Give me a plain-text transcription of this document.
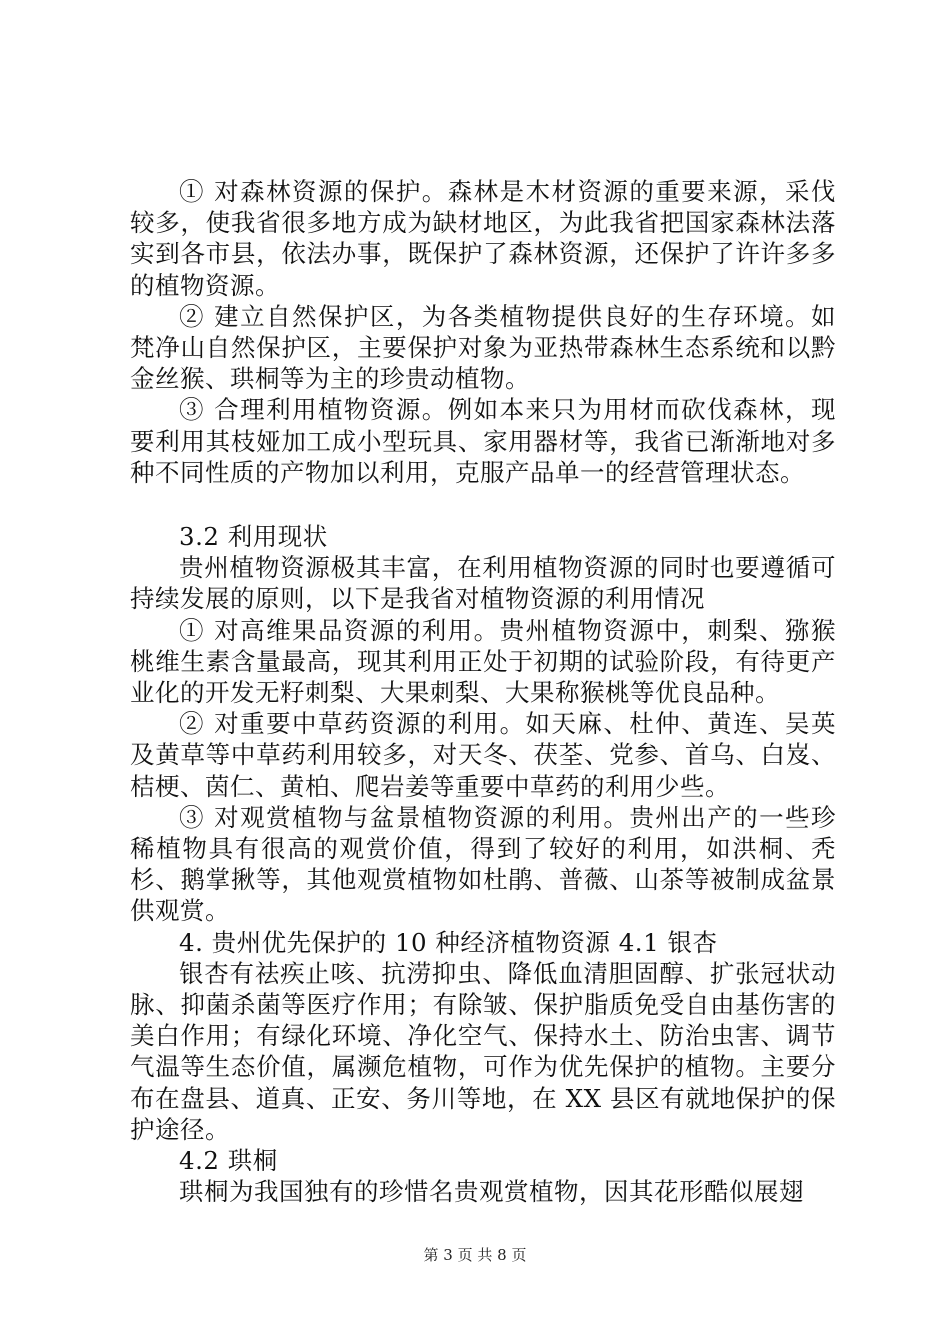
① 对森林资源的保护。森林是木材资源的重要来源，采伐较多，使我省很多地方成为缺材地区，为此我省把国家森林法落实到各市县，依法办事，既保护了森林资源，还保护了许许多多的植物资源。

② 建立自然保护区，为各类植物提供良好的生存环境。如梵净山自然保护区，主要保护对象为亚热带森林生态系统和以黔金丝猴、珙桐等为主的珍贵动植物。

③ 合理利用植物资源。例如本来只为用材而砍伐森林，现要利用其枝娅加工成小型玩具、家用器材等，我省已渐渐地对多种不同性质的产物加以利用，克服产品单一的经营管理状态。

3.2 利用现状

贵州植物资源极其丰富，在利用植物资源的同时也要遵循可持续发展的原则，以下是我省对植物资源的利用情况

① 对高维果品资源的利用。贵州植物资源中，刺梨、猕猴桃维生素含量最高，现其利用正处于初期的试验阶段，有待更产业化的开发无籽刺梨、大果刺梨、大果称猴桃等优良品种。

② 对重要中草药资源的利用。如天麻、杜仲、黄连、吴英及黄草等中草药利用较多，对天冬、茯荃、党参、首乌、白岌、桔梗、茵仁、黄柏、爬岩姜等重要中草药的利用少些。

③ 对观赏植物与盆景植物资源的利用。贵州出产的一些珍稀植物具有很高的观赏价值，得到了较好的利用，如洪桐、秃杉、鹅掌揪等，其他观赏植物如杜鹃、普薇、山茶等被制成盆景供观赏。

4. 贵州优先保护的 10 种经济植物资源 4.1 银杏

银杏有祛疾止咳、抗涝抑虫、降低血清胆固醇、扩张冠状动脉、抑菌杀菌等医疗作用；有除皱、保护脂质免受自由基伤害的美白作用；有绿化环境、净化空气、保持水土、防治虫害、调节气温等生态价值，属濒危植物，可作为优先保护的植物。主要分布在盘县、道真、正安、务川等地，在 XX 县区有就地保护的保护途径。

4.2 珙桐

珙桐为我国独有的珍惜名贵观赏植物，因其花形酷似展翅

第 3 页 共 8 页
